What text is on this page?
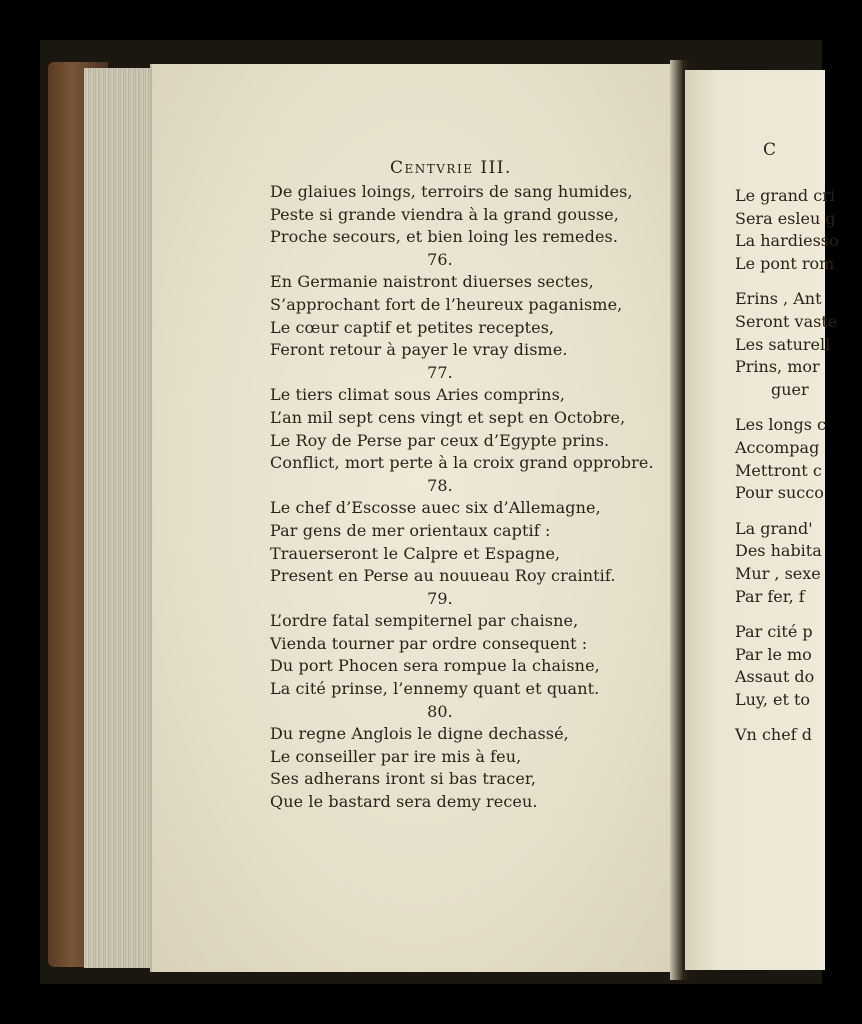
Centvrie III.
De glaiues loings, terroirs de sang humides,
Peste si grande viendra à la grand gousse,
Proche secours, et bien loing les remedes.
76.
En Germanie naistront diuerses sectes,
S’approchant fort de l’heureux paganisme,
Le cœur captif et petites receptes,
Feront retour à payer le vray disme.
77.
Le tiers climat sous Aries comprins,
L’an mil sept cens vingt et sept en Octobre,
Le Roy de Perse par ceux d’Egypte prins.
Conflict, mort perte à la croix grand opprobre.
78.
Le chef d’Escosse auec six d’Allemagne,
Par gens de mer orientaux captif :
Trauerseront le Calpre et Espagne,
Present en Perse au nouueau Roy craintif.
79.
L’ordre fatal sempiternel par chaisne,
Vienda tourner par ordre consequent :
Du port Phocen sera rompue la chaisne,
La cité prinse, l’ennemy quant et quant.
80.
Du regne Anglois le digne dechassé,
Le conseiller par ire mis à feu,
Ses adherans iront si bas tracer,
Que le bastard sera demy receu.
C
Le grand cri
Sera esleu g
La hardiesso
Le pont rom
Erins , Ant
Seront vaste
Les saturell
Prins, mor
guer
Les longs c
Accompag
Mettront c
Pour succo
La grand'
Des habita
Mur , sexe
Par fer, f
Par cité p
Par le mo
Assaut do
Luy, et to
Vn chef d
